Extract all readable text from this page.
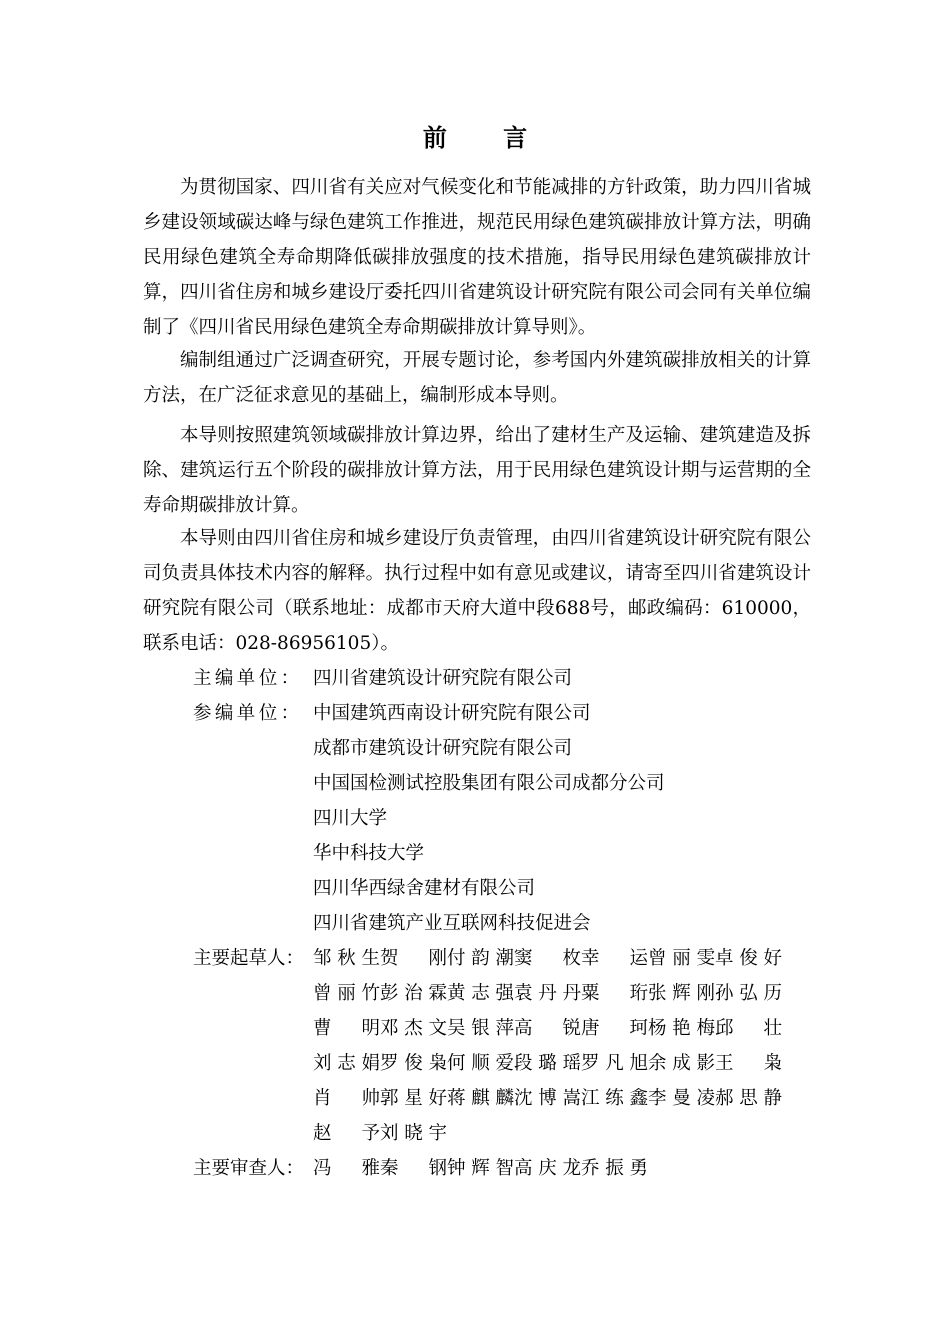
前 言

为贯彻国家、四川省有关应对气候变化和节能减排的方针政策，助力四川省城乡建设领域碳达峰与绿色建筑工作推进，规范民用绿色建筑碳排放计算方法，明确民用绿色建筑全寿命期降低碳排放强度的技术措施，指导民用绿色建筑碳排放计算，四川省住房和城乡建设厅委托四川省建筑设计研究院有限公司会同有关单位编制了《四川省民用绿色建筑全寿命期碳排放计算导则》。

编制组通过广泛调查研究，开展专题讨论，参考国内外建筑碳排放相关的计算方法，在广泛征求意见的基础上，编制形成本导则。

本导则按照建筑领域碳排放计算边界，给出了建材生产及运输、建筑建造及拆除、建筑运行五个阶段的碳排放计算方法，用于民用绿色建筑设计期与运营期的全寿命期碳排放计算。

本导则由四川省住房和城乡建设厅负责管理，由四川省建筑设计研究院有限公司负责具体技术内容的解释。执行过程中如有意见或建议，请寄至四川省建筑设计研究院有限公司（联系地址：成都市天府大道中段688号，邮政编码：610000，联系电话：028-86956105）。

主编单位： 四川省建筑设计研究院有限公司
参编单位： 中国建筑西南设计研究院有限公司
成都市建筑设计研究院有限公司
中国国检测试控股集团有限公司成都分公司
四川大学
华中科技大学
四川华西绿舍建材有限公司
四川省建筑产业互联网科技促进会
主要起草人： 邹秋生 贺　刚 付韵潮 窦　枚 幸　运 曾丽雯 卓俊好
曾丽竹 彭治霖 黄志强 袁丹丹 粟　珩 张辉刚 孙弘历
曹　明 邓杰文 吴银萍 高　锐 唐　珂 杨艳梅 邱　壮
刘志娟 罗俊枭 何顺爱 段璐瑶 罗凡旭 余成影 王　枭
肖　帅 郭星好 蒋麒麟 沈博嵩 江练鑫 李曼凌 郝思静
赵　予 刘晓宇
主要审查人： 冯　雅 秦　钢 钟辉智 高庆龙 乔振勇
